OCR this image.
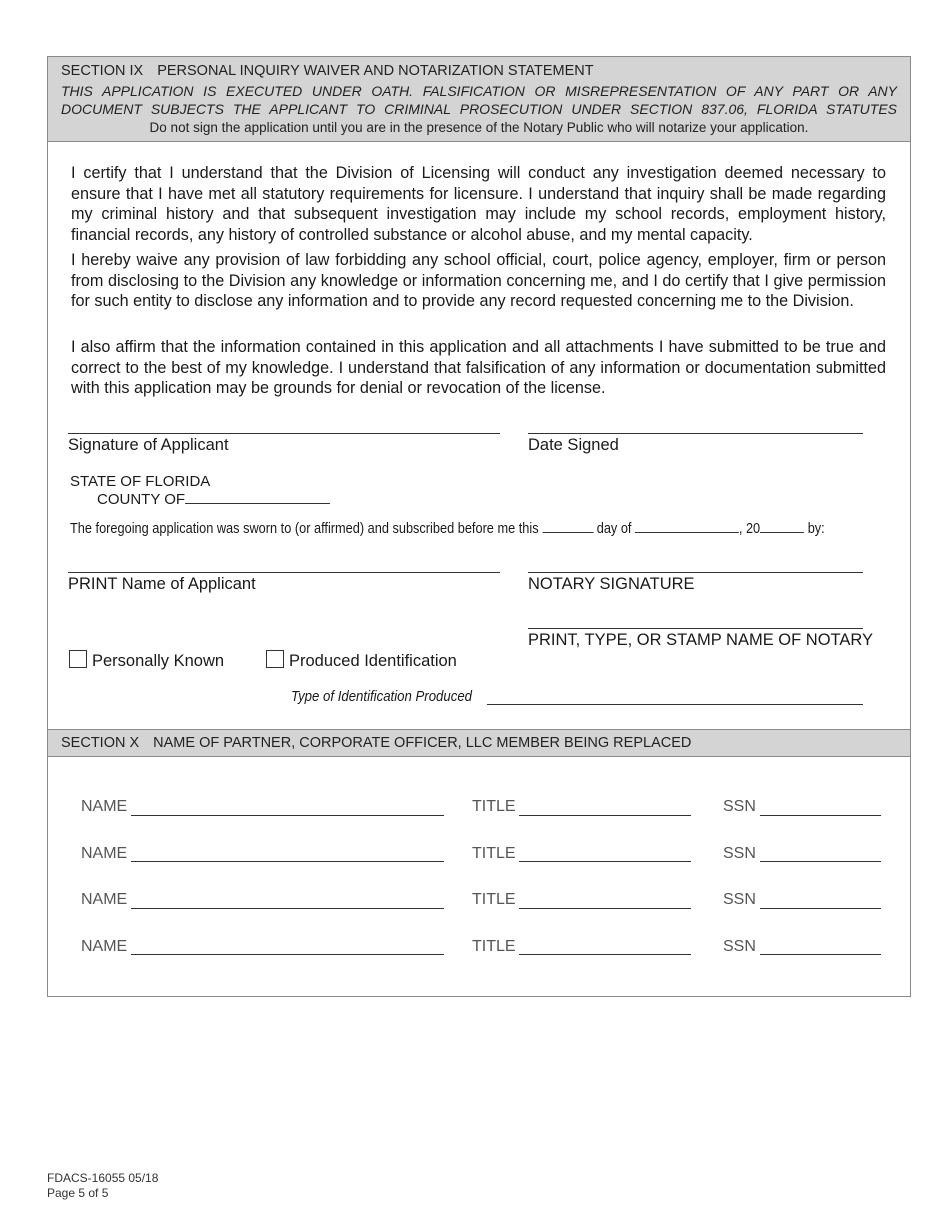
SECTION IX PERSONAL INQUIRY WAIVER AND NOTARIZATION STATEMENT
THIS APPLICATION IS EXECUTED UNDER OATH. FALSIFICATION OR MISREPRESENTATION OF ANY PART OR ANY DOCUMENT SUBJECTS THE APPLICANT TO CRIMINAL PROSECUTION UNDER SECTION 837.06, FLORIDA STATUTES
Do not sign the application until you are in the presence of the Notary Public who will notarize your application.

I certify that I understand that the Division of Licensing will conduct any investigation deemed necessary to ensure that I have met all statutory requirements for licensure. I understand that inquiry shall be made regarding my criminal history and that subsequent investigation may include my school records, employment history, financial records, any history of controlled substance or alcohol abuse, and my mental capacity.

I hereby waive any provision of law forbidding any school official, court, police agency, employer, firm or person from disclosing to the Division any knowledge or information concerning me, and I do certify that I give permission for such entity to disclose any information and to provide any record requested concerning me to the Division.

I also affirm that the information contained in this application and all attachments I have submitted to be true and correct to the best of my knowledge. I understand that falsification of any information or documentation submitted with this application may be grounds for denial or revocation of the license.

Signature of Applicant	Date Signed
STATE OF FLORIDA
COUNTY OF
The foregoing application was sworn to (or affirmed) and subscribed before me this	day of	, 20	by:
PRINT Name of Applicant	NOTARY SIGNATURE
PRINT, TYPE, OR STAMP NAME OF NOTARY
Personally Known	Produced Identification
Type of Identification Produced
SECTION X NAME OF PARTNER, CORPORATE OFFICER, LLC MEMBER BEING REPLACED
NAME	TITLE	SSN
NAME	TITLE	SSN
NAME	TITLE	SSN
NAME	TITLE	SSN
FDACS-16055 05/18
Page 5 of 5
